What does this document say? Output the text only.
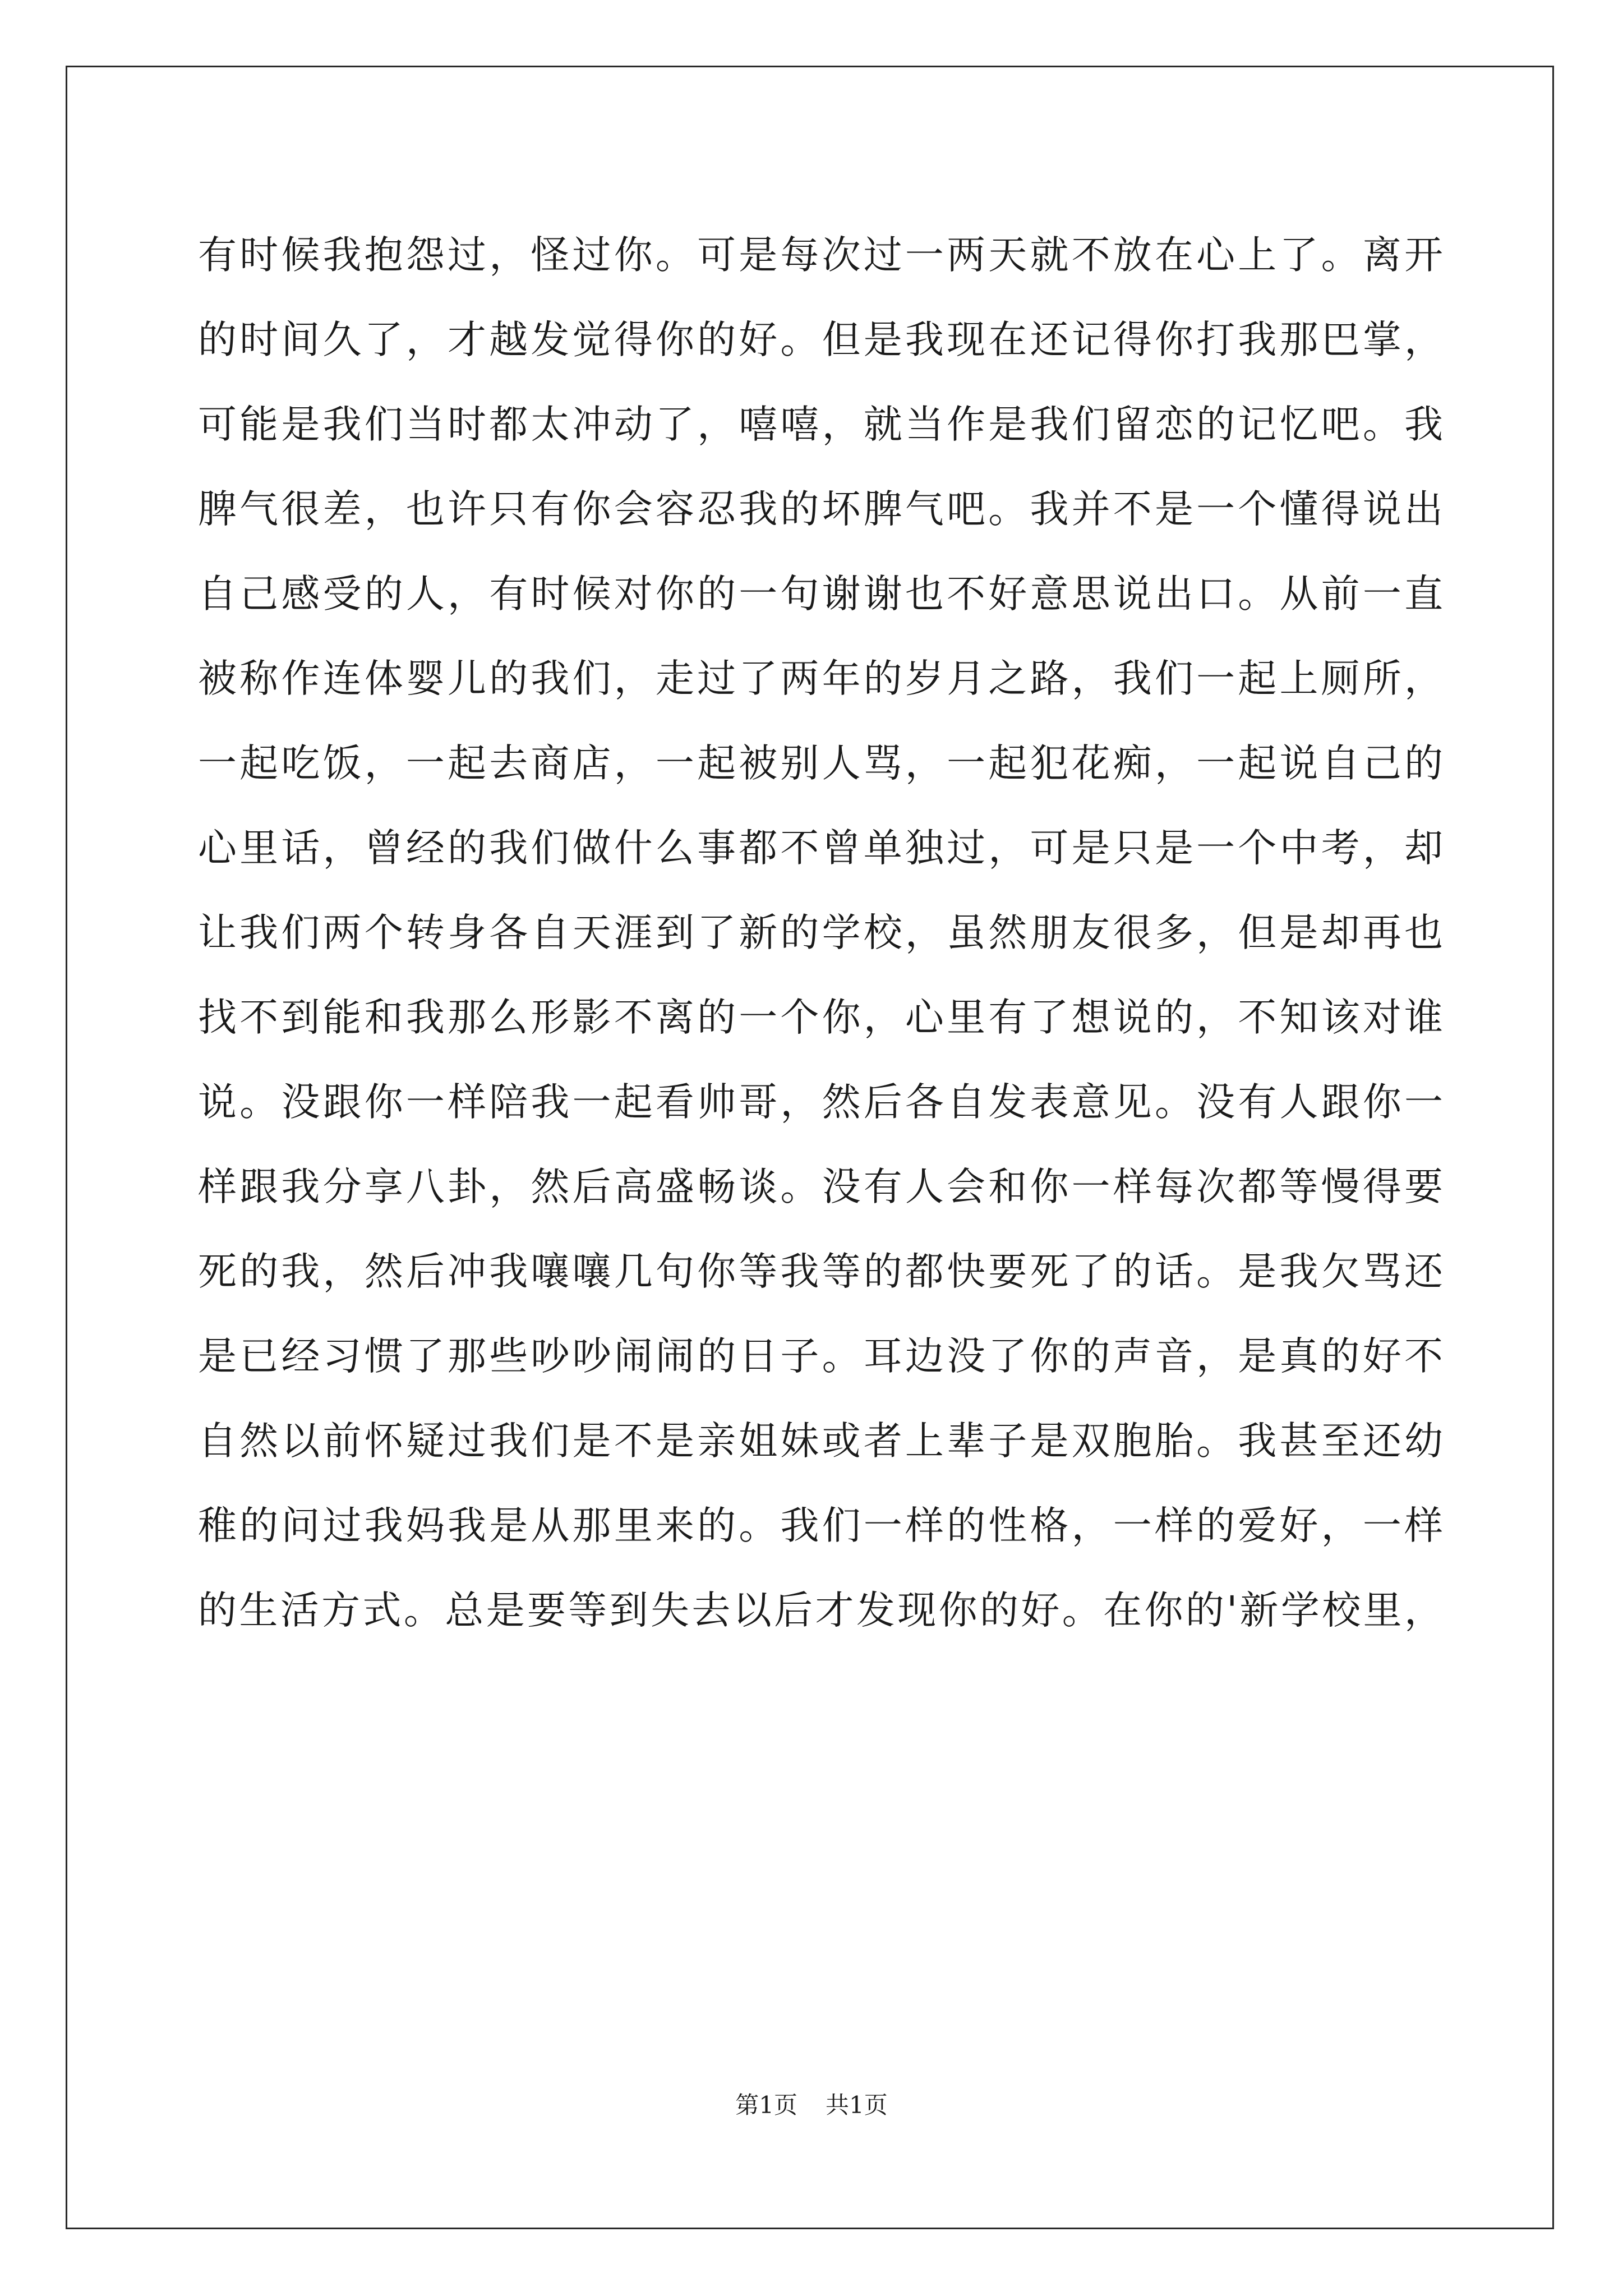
有时候我抱怨过，怪过你。可是每次过一两天就不放在心上了。离开
的时间久了，才越发觉得你的好。但是我现在还记得你打我那巴掌，
可能是我们当时都太冲动了，嘻嘻，就当作是我们留恋的记忆吧。我
脾气很差，也许只有你会容忍我的坏脾气吧。我并不是一个懂得说出
自己感受的人，有时候对你的一句谢谢也不好意思说出口。从前一直
被称作连体婴儿的我们，走过了两年的岁月之路，我们一起上厕所，
一起吃饭，一起去商店，一起被别人骂，一起犯花痴，一起说自己的
心里话，曾经的我们做什么事都不曾单独过，可是只是一个中考，却
让我们两个转身各自天涯到了新的学校，虽然朋友很多，但是却再也
找不到能和我那么形影不离的一个你，心里有了想说的，不知该对谁
说。没跟你一样陪我一起看帅哥，然后各自发表意见。没有人跟你一
样跟我分享八卦，然后高盛畅谈。没有人会和你一样每次都等慢得要
死的我，然后冲我嚷嚷几句你等我等的都快要死了的话。是我欠骂还
是已经习惯了那些吵吵闹闹的日子。耳边没了你的声音，是真的好不
自然以前怀疑过我们是不是亲姐妹或者上辈子是双胞胎。我甚至还幼
稚的问过我妈我是从那里来的。我们一样的性格，一样的爱好，一样
的生活方式。总是要等到失去以后才发现你的好。在你的'新学校里，
第1页 共1页
